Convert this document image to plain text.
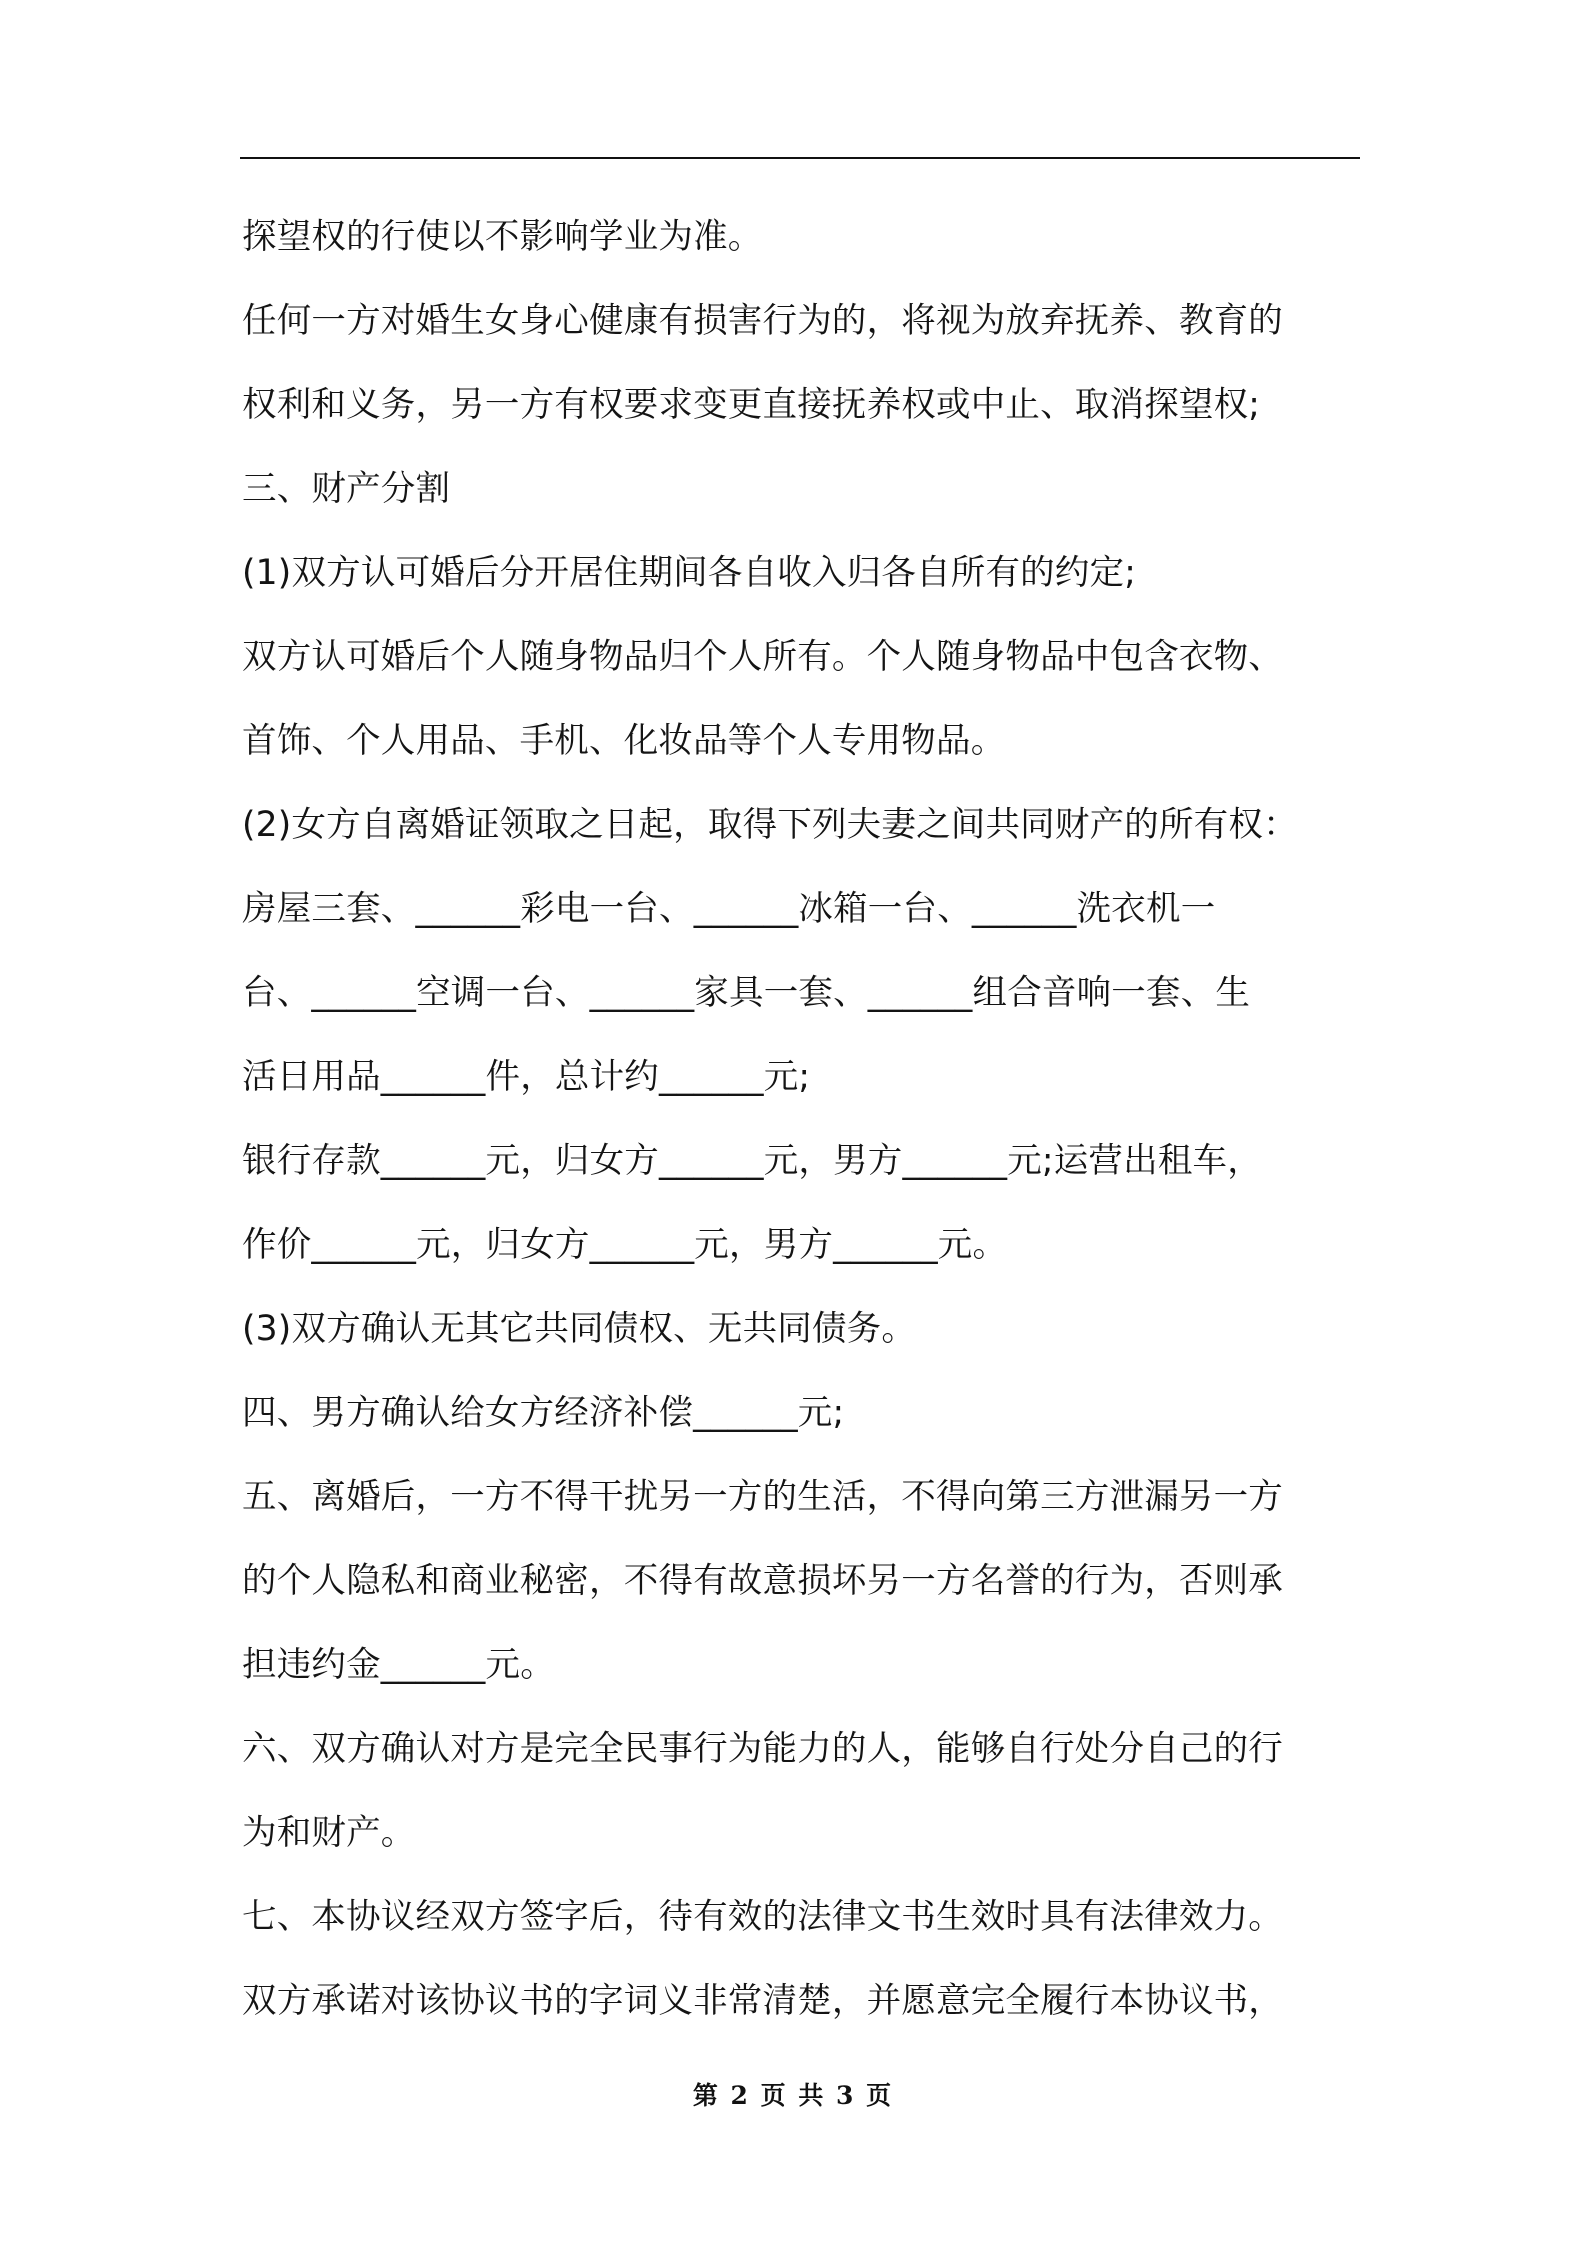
探望权的行使以不影响学业为准。
任何一方对婚生女身心健康有损害行为的，将视为放弃抚养、教育的
权利和义务，另一方有权要求变更直接抚养权或中止、取消探望权;
三、财产分割
(1)双方认可婚后分开居住期间各自收入归各自所有的约定;
双方认可婚后个人随身物品归个人所有。个人随身物品中包含衣物、
首饰、个人用品、手机、化妆品等个人专用物品。
(2)女方自离婚证领取之日起，取得下列夫妻之间共同财产的所有权：
房屋三套、______彩电一台、______冰箱一台、______洗衣机一
台、______空调一台、______家具一套、______组合音响一套、生
活日用品______件，总计约______元;
银行存款______元，归女方______元，男方______元;运营出租车，
作价______元，归女方______元，男方______元。
(3)双方确认无其它共同债权、无共同债务。
四、男方确认给女方经济补偿______元;
五、离婚后，一方不得干扰另一方的生活，不得向第三方泄漏另一方
的个人隐私和商业秘密，不得有故意损坏另一方名誉的行为，否则承
担违约金______元。
六、双方确认对方是完全民事行为能力的人，能够自行处分自己的行
为和财产。
七、本协议经双方签字后，待有效的法律文书生效时具有法律效力。
双方承诺对该协议书的字词义非常清楚，并愿意完全履行本协议书，
第 2 页 共 3 页
